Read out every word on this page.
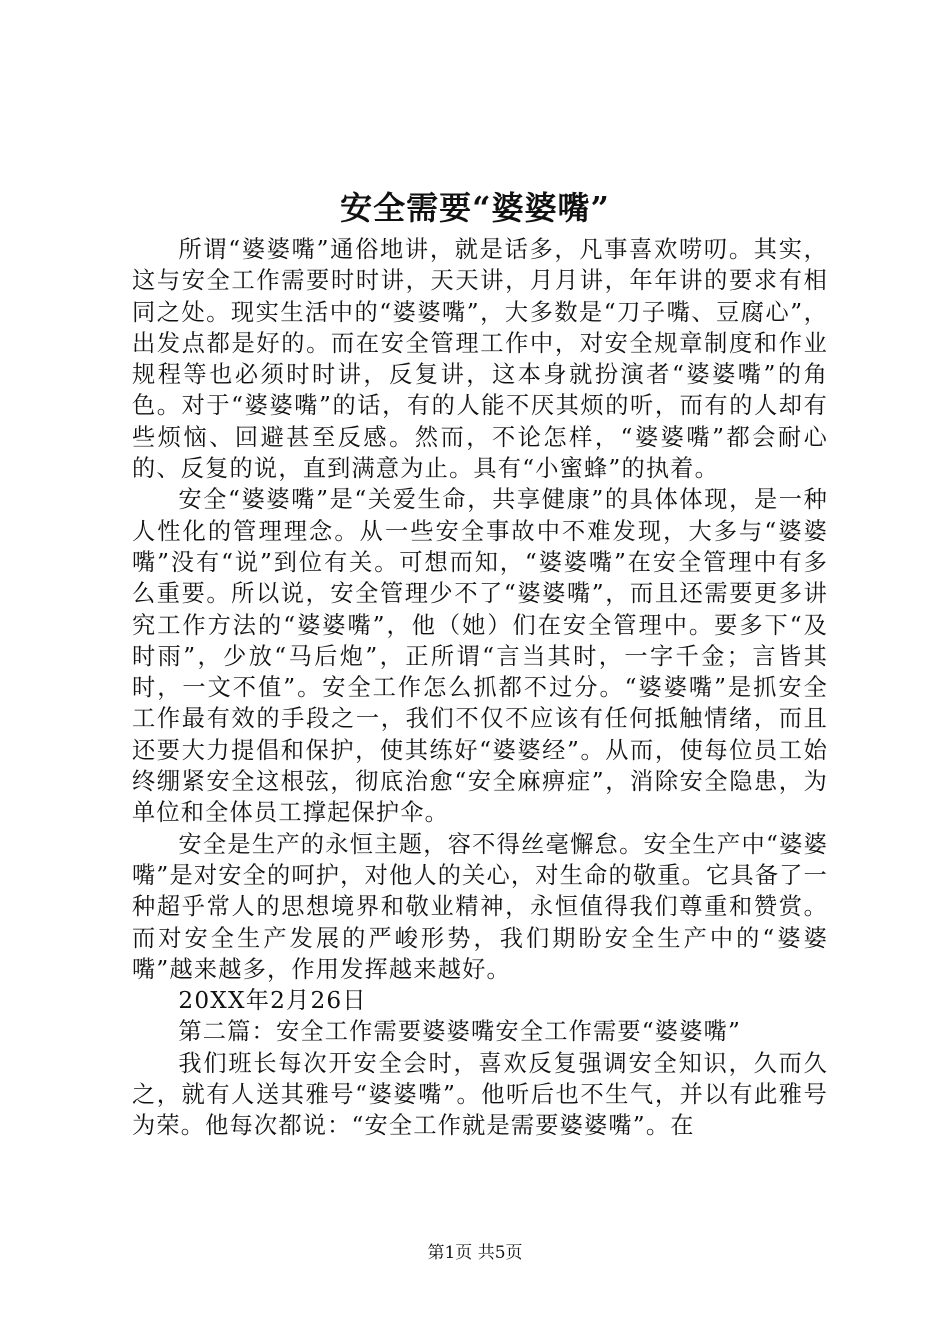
安全需要“婆婆嘴”

所谓“婆婆嘴”通俗地讲，就是话多，凡事喜欢唠叨。其实，这与安全工作需要时时讲，天天讲，月月讲，年年讲的要求有相同之处。现实生活中的“婆婆嘴”，大多数是“刀子嘴、豆腐心”，出发点都是好的。而在安全管理工作中，对安全规章制度和作业规程等也必须时时讲，反复讲，这本身就扮演者“婆婆嘴”的角色。对于“婆婆嘴”的话，有的人能不厌其烦的听，而有的人却有些烦恼、回避甚至反感。然而，不论怎样，“婆婆嘴”都会耐心的、反复的说，直到满意为止。具有“小蜜蜂”的执着。

安全“婆婆嘴”是“关爱生命，共享健康”的具体体现，是一种人性化的管理理念。从一些安全事故中不难发现，大多与“婆婆嘴”没有“说”到位有关。可想而知，“婆婆嘴”在安全管理中有多么重要。所以说，安全管理少不了“婆婆嘴”，而且还需要更多讲究工作方法的“婆婆嘴”，他（她）们在安全管理中。要多下“及时雨”，少放“马后炮”，正所谓“言当其时，一字千金；言皆其时，一文不值”。安全工作怎么抓都不过分。“婆婆嘴”是抓安全工作最有效的手段之一，我们不仅不应该有任何抵触情绪，而且还要大力提倡和保护，使其练好“婆婆经”。从而，使每位员工始终绷紧安全这根弦，彻底治愈“安全麻痹症”，消除安全隐患，为单位和全体员工撑起保护伞。

安全是生产的永恒主题，容不得丝毫懈怠。安全生产中“婆婆嘴”是对安全的呵护，对他人的关心，对生命的敬重。它具备了一种超乎常人的思想境界和敬业精神，永恒值得我们尊重和赞赏。而对安全生产发展的严峻形势，我们期盼安全生产中的“婆婆嘴”越来越多，作用发挥越来越好。

20XX年2月26日

第二篇：安全工作需要婆婆嘴安全工作需要“婆婆嘴”

我们班长每次开安全会时，喜欢反复强调安全知识，久而久之，就有人送其雅号“婆婆嘴”。他听后也不生气，并以有此雅号为荣。他每次都说：“安全工作就是需要婆婆嘴”。在

第1页 共5页
